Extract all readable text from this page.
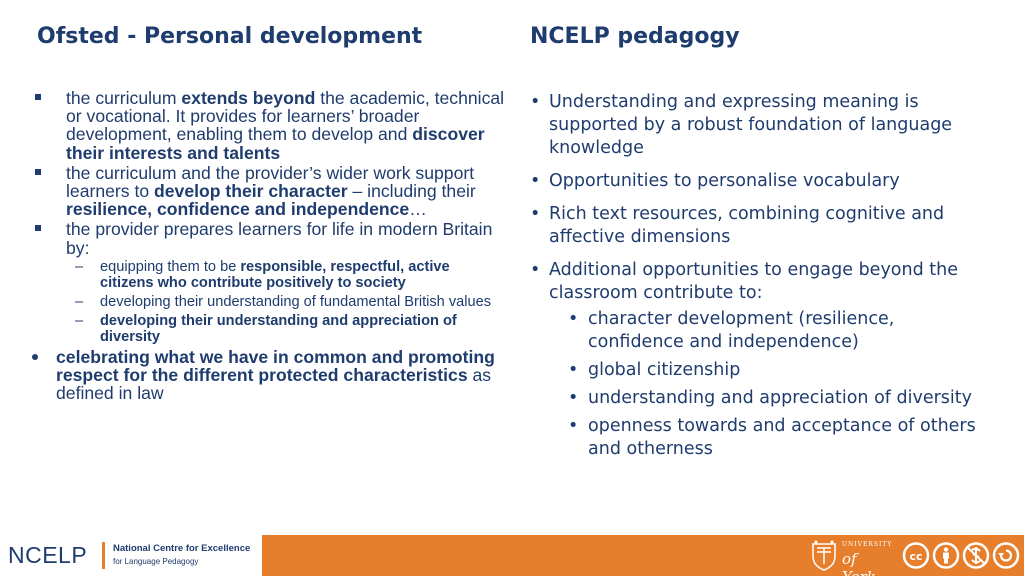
Ofsted - Personal development	NCELP pedagogy
the curriculum extends beyond the academic, technical or vocational. It provides for learners’ broader development, enabling them to develop and discover their interests and talents
the curriculum and the provider’s wider work support learners to develop their character – including their resilience, confidence and independence…
the provider prepares learners for life in modern Britain by:
– equipping them to be responsible, respectful, active citizens who contribute positively to society
– developing their understanding of fundamental British values
– developing their understanding and appreciation of diversity
celebrating what we have in common and promoting respect for the different protected characteristics as defined in law
• Understanding and expressing meaning is supported by a robust foundation of language knowledge
• Opportunities to personalise vocabulary
• Rich text resources, combining cognitive and affective dimensions
• Additional opportunities to engage beyond the classroom contribute to:
• character development (resilience, confidence and independence)
• global citizenship
• understanding and appreciation of diversity
• openness towards and acceptance of others and otherness
NCELP	National Centre for Excellence
for Language Pedagogy
UNIVERSITY
of York
cc
